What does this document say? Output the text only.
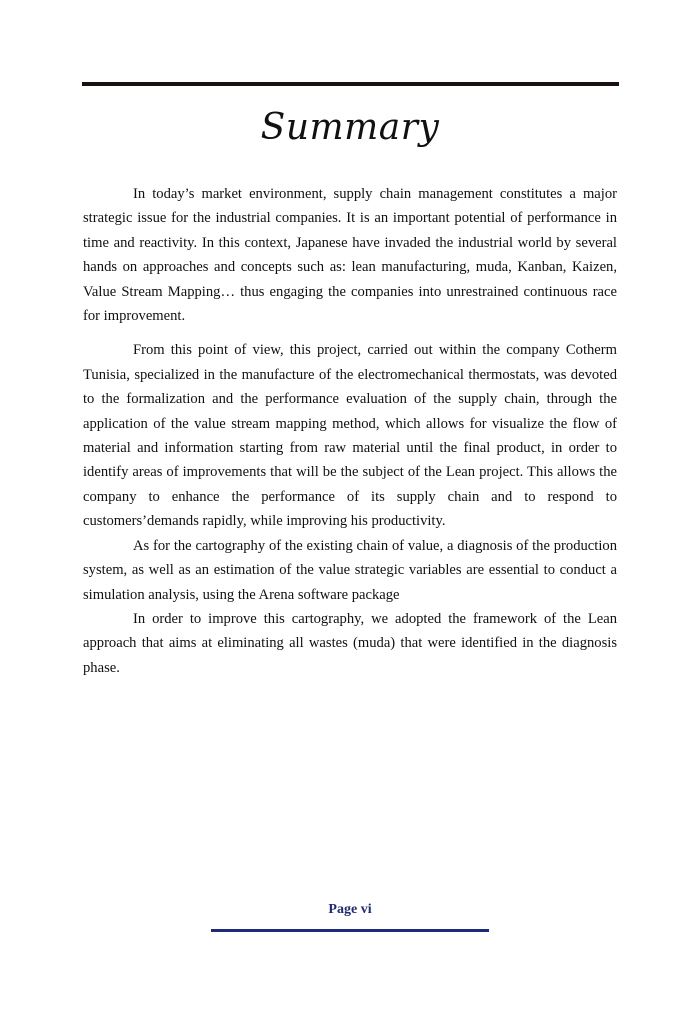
Summary

In today’s market environment, supply chain management constitutes a major strategic issue for the industrial companies. It is an important potential of performance in time and reactivity. In this context, Japanese have invaded the industrial world by several hands on approaches and concepts such as: lean manufacturing, muda, Kanban, Kaizen, Value Stream Mapping… thus engaging the companies into unrestrained continuous race for improvement.

From this point of view, this project, carried out within the company Cotherm Tunisia, specialized in the manufacture of the electromechanical thermostats, was devoted to the formalization and the performance evaluation of the supply chain, through the application of the value stream mapping method, which allows for visualize the flow of material and information starting from raw material until the final product, in order to identify areas of improvements that will be the subject of the Lean project. This allows the company to enhance the performance of its supply chain and to respond to customers’demands rapidly, while improving his productivity.

As for the cartography of the existing chain of value, a diagnosis of the production system, as well as an estimation of the value strategic variables are essential to conduct a simulation analysis, using the Arena software package

In order to improve this cartography, we adopted the framework of the Lean approach that aims at eliminating all wastes (muda) that were identified in the diagnosis phase.

Page vi
